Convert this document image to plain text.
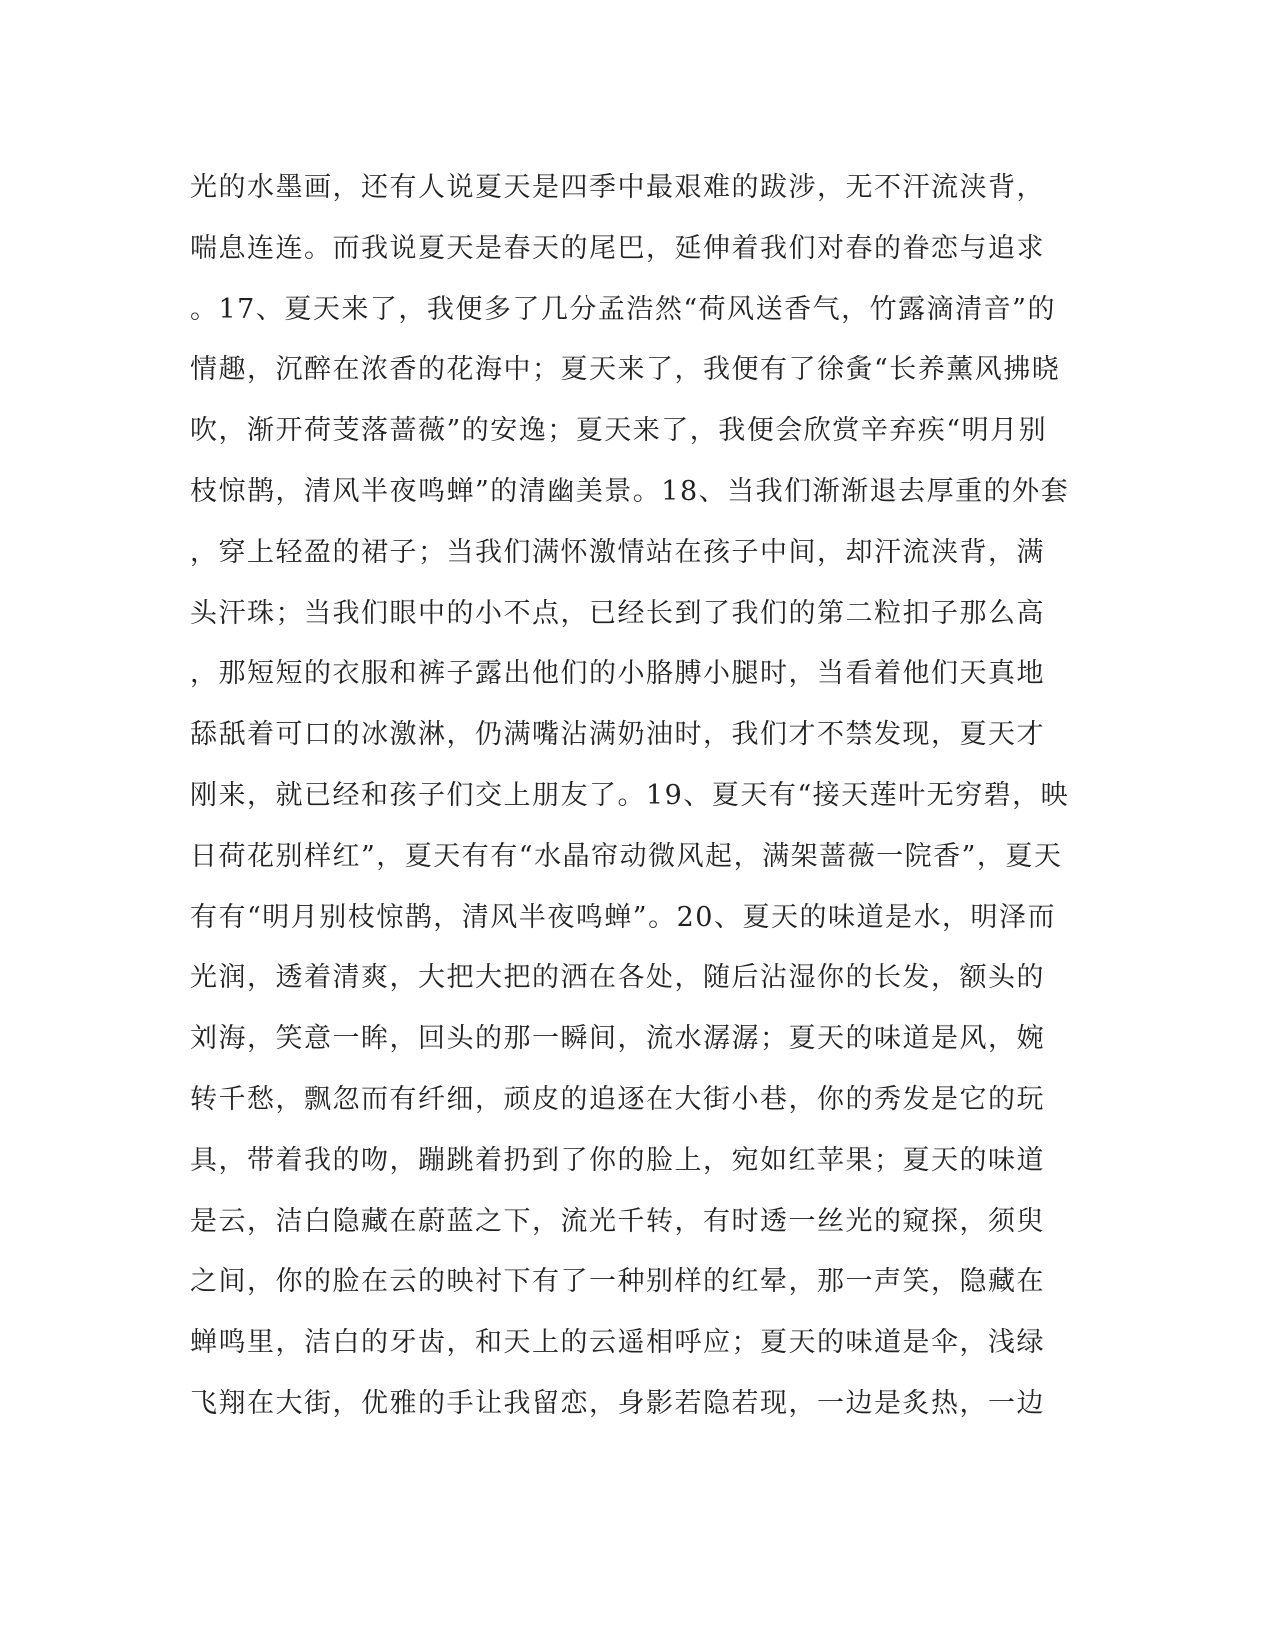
光的水墨画，还有人说夏天是四季中最艰难的跋涉，无不汗流浃背，
喘息连连。而我说夏天是春天的尾巴，延伸着我们对春的眷恋与追求
。17、夏天来了，我便多了几分孟浩然“荷风送香气，竹露滴清音”的
情趣，沉醉在浓香的花海中；夏天来了，我便有了徐夤“长养薰风拂晓
吹，渐开荷芰落蔷薇”的安逸；夏天来了，我便会欣赏辛弃疾“明月别
枝惊鹊，清风半夜鸣蝉”的清幽美景。18、当我们渐渐退去厚重的外套
，穿上轻盈的裙子；当我们满怀激情站在孩子中间，却汗流浃背，满
头汗珠；当我们眼中的小不点，已经长到了我们的第二粒扣子那么高
，那短短的衣服和裤子露出他们的小胳膊小腿时，当看着他们天真地
舔舐着可口的冰激淋，仍满嘴沾满奶油时，我们才不禁发现，夏天才
刚来，就已经和孩子们交上朋友了。19、夏天有“接天莲叶无穷碧，映
日荷花别样红”，夏天有有“水晶帘动微风起，满架蔷薇一院香”，夏天
有有“明月别枝惊鹊，清风半夜鸣蝉”。20、夏天的味道是水，明泽而
光润，透着清爽，大把大把的洒在各处，随后沾湿你的长发，额头的
刘海，笑意一眸，回头的那一瞬间，流水潺潺；夏天的味道是风，婉
转千愁，飘忽而有纤细，顽皮的追逐在大街小巷，你的秀发是它的玩
具，带着我的吻，蹦跳着扔到了你的脸上，宛如红苹果；夏天的味道
是云，洁白隐藏在蔚蓝之下，流光千转，有时透一丝光的窥探，须臾
之间，你的脸在云的映衬下有了一种别样的红晕，那一声笑，隐藏在
蝉鸣里，洁白的牙齿，和天上的云遥相呼应；夏天的味道是伞，浅绿
飞翔在大街，优雅的手让我留恋，身影若隐若现，一边是炙热，一边
